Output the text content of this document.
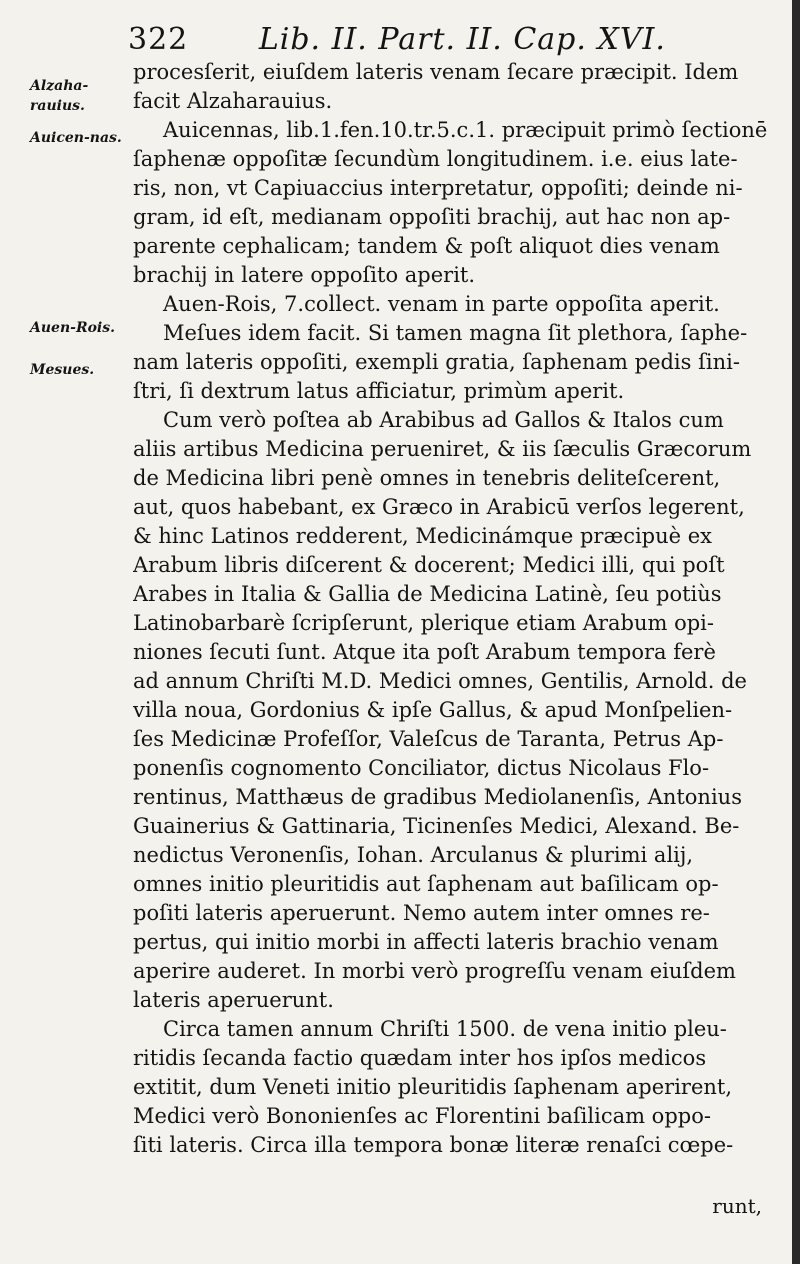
322 Lib. II. Part. II. Cap. XVI.
Alzaha-rauius.
Auicen-nas.
Auen-Rois.
Mesues.
procesſerit, eiuſdem lateris venam ſecare præcipit. Idem
facit Alzaharauius.
Auicennas, lib.1.fen.10.tr.5.c.1. præcipuit primò ſectionē
ſaphenæ oppoſitæ ſecundùm longitudinem. i.e. eius late-
ris, non, vt Capiuaccius interpretatur, oppoſiti; deinde ni-
gram, id eſt, medianam oppoſiti brachij, aut hac non ap-
parente cephalicam; tandem & poſt aliquot dies venam
brachij in latere oppoſito aperit.
Auen-Rois, 7.collect. venam in parte oppoſita aperit.
Meſues idem facit. Si tamen magna ſit plethora, ſaphe-
nam lateris oppoſiti, exempli gratia, ſaphenam pedis ſini-
ſtri, ſi dextrum latus afficiatur, primùm aperit.
Cum verò poſtea ab Arabibus ad Gallos & Italos cum
aliis artibus Medicina perueniret, & iis ſæculis Græcorum
de Medicina libri penè omnes in tenebris deliteſcerent,
aut, quos habebant, ex Græco in Arabicū verſos legerent,
& hinc Latinos redderent, Medicinámque præcipuè ex
Arabum libris diſcerent & docerent; Medici illi, qui poſt
Arabes in Italia & Gallia de Medicina Latinè, ſeu potiùs
Latinobarbarè ſcripſerunt, plerique etiam Arabum opi-
niones ſecuti ſunt. Atque ita poſt Arabum tempora ferè
ad annum Chriſti M.D. Medici omnes, Gentilis, Arnold. de
villa noua, Gordonius & ipſe Gallus, & apud Monſpelien-
ſes Medicinæ Profeſſor, Valeſcus de Taranta, Petrus Ap-
ponenſis cognomento Conciliator, dictus Nicolaus Flo-
rentinus, Matthæus de gradibus Mediolanenſis, Antonius
Guainerius & Gattinaria, Ticinenſes Medici, Alexand. Be-
nedictus Veronenſis, Iohan. Arculanus & plurimi alij,
omnes initio pleuritidis aut ſaphenam aut baſilicam op-
poſiti lateris aperuerunt. Nemo autem inter omnes re-
pertus, qui initio morbi in affecti lateris brachio venam
aperire auderet. In morbi verò progreſſu venam eiuſdem
lateris aperuerunt.
Circa tamen annum Chriſti 1500. de vena initio pleu-
ritidis ſecanda factio quædam inter hos ipſos medicos
extitit, dum Veneti initio pleuritidis ſaphenam aperirent,
Medici verò Bononienſes ac Florentini baſilicam oppo-
ſiti lateris. Circa illa tempora bonæ literæ renaſci cœpe-
runt,
